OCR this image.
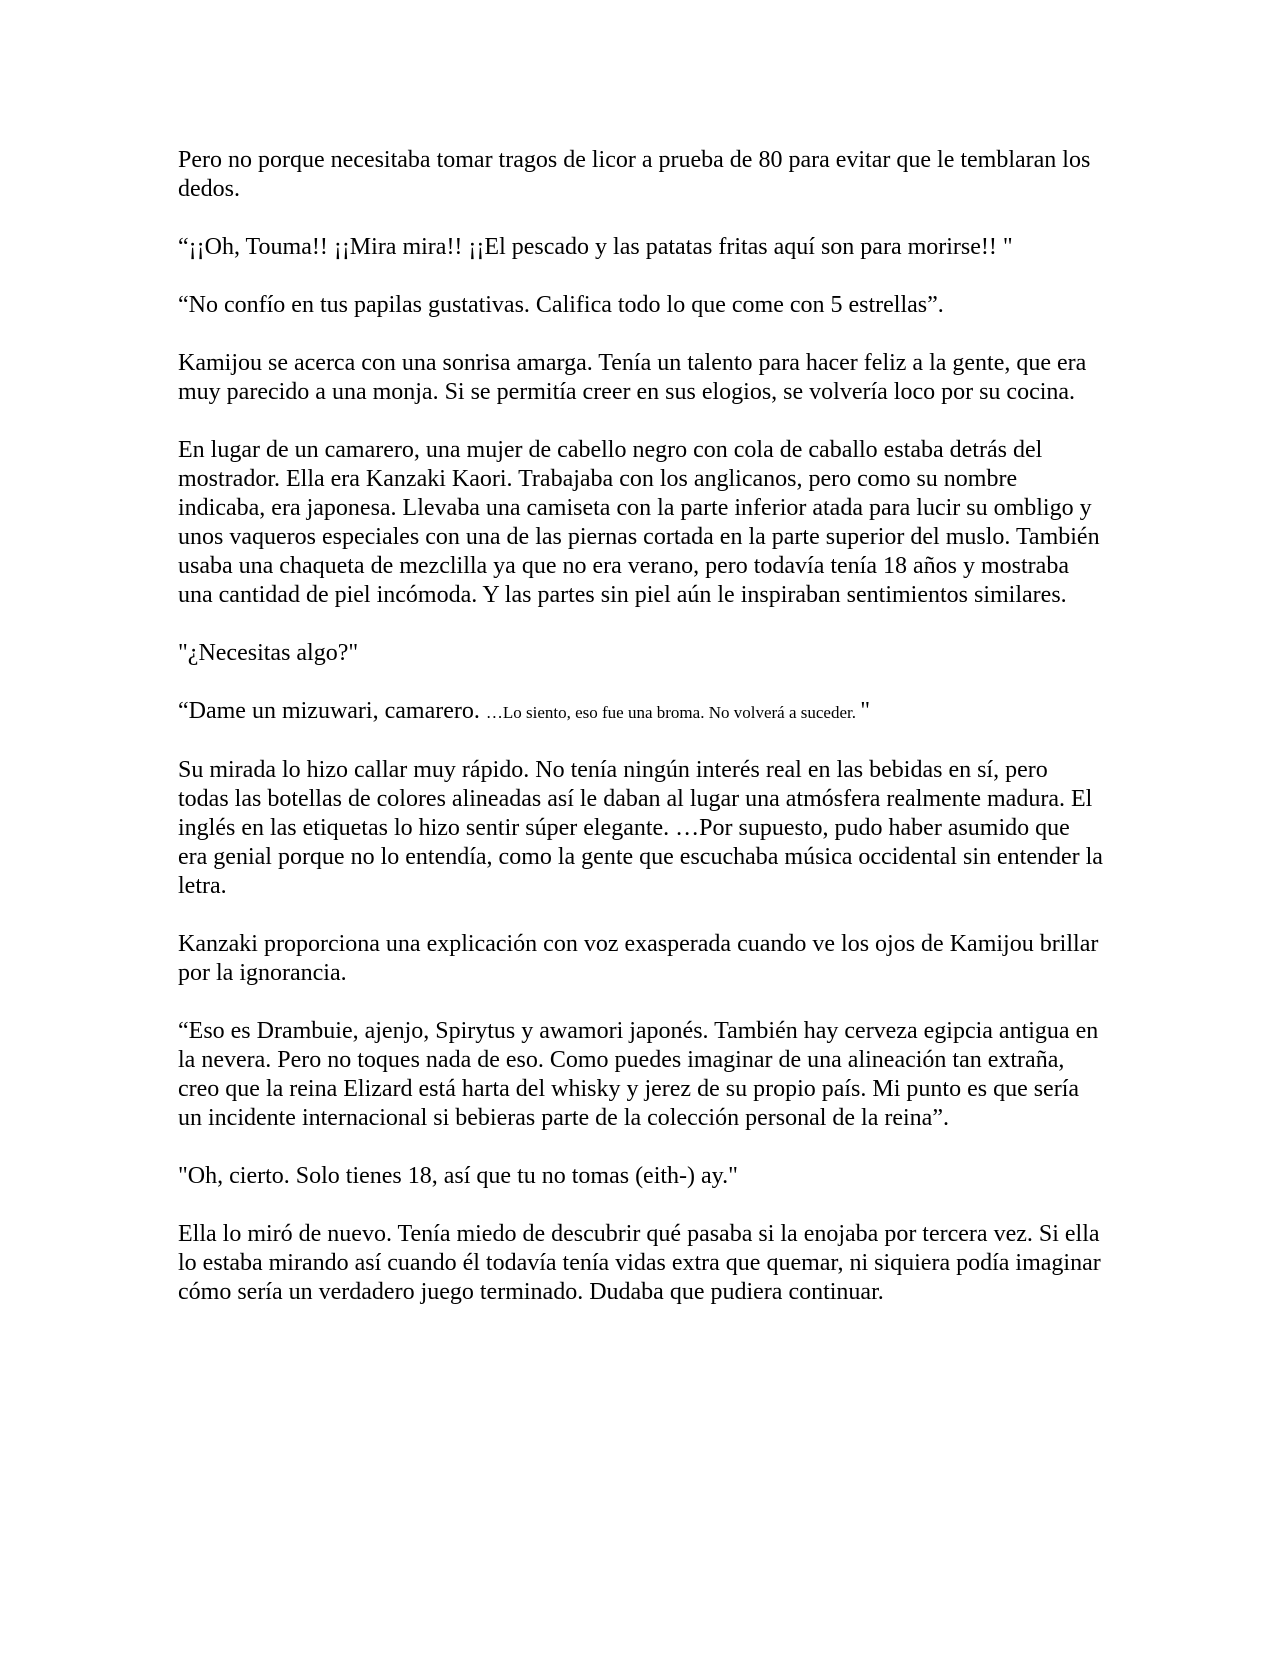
Pero no porque necesitaba tomar tragos de licor a prueba de 80 para evitar que le temblaran los dedos.

“¡¡Oh, Touma!! ¡¡Mira mira!! ¡¡El pescado y las patatas fritas aquí son para morirse!! "

“No confío en tus papilas gustativas. Califica todo lo que come con 5 estrellas”.

Kamijou se acerca con una sonrisa amarga. Tenía un talento para hacer feliz a la gente, que era muy parecido a una monja. Si se permitía creer en sus elogios, se volvería loco por su cocina.

En lugar de un camarero, una mujer de cabello negro con cola de caballo estaba detrás del mostrador. Ella era Kanzaki Kaori. Trabajaba con los anglicanos, pero como su nombre indicaba, era japonesa. Llevaba una camiseta con la parte inferior atada para lucir su ombligo y unos vaqueros especiales con una de las piernas cortada en la parte superior del muslo. También usaba una chaqueta de mezclilla ya que no era verano, pero todavía tenía 18 años y mostraba una cantidad de piel incómoda. Y las partes sin piel aún le inspiraban sentimientos similares.

"¿Necesitas algo?"

“Dame un mizuwari, camarero. …Lo siento, eso fue una broma. No volverá a suceder. "

Su mirada lo hizo callar muy rápido. No tenía ningún interés real en las bebidas en sí, pero todas las botellas de colores alineadas así le daban al lugar una atmósfera realmente madura. El inglés en las etiquetas lo hizo sentir súper elegante. …Por supuesto, pudo haber asumido que era genial porque no lo entendía, como la gente que escuchaba música occidental sin entender la letra.

Kanzaki proporciona una explicación con voz exasperada cuando ve los ojos de Kamijou brillar por la ignorancia.

“Eso es Drambuie, ajenjo, Spirytus y awamori japonés. También hay cerveza egipcia antigua en la nevera. Pero no toques nada de eso. Como puedes imaginar de una alineación tan extraña, creo que la reina Elizard está harta del whisky y jerez de su propio país. Mi punto es que sería un incidente internacional si bebieras parte de la colección personal de la reina”.

"Oh, cierto. Solo tienes 18, así que tu no tomas (eith-) ay."

Ella lo miró de nuevo. Tenía miedo de descubrir qué pasaba si la enojaba por tercera vez. Si ella lo estaba mirando así cuando él todavía tenía vidas extra que quemar, ni siquiera podía imaginar cómo sería un verdadero juego terminado. Dudaba que pudiera continuar.
